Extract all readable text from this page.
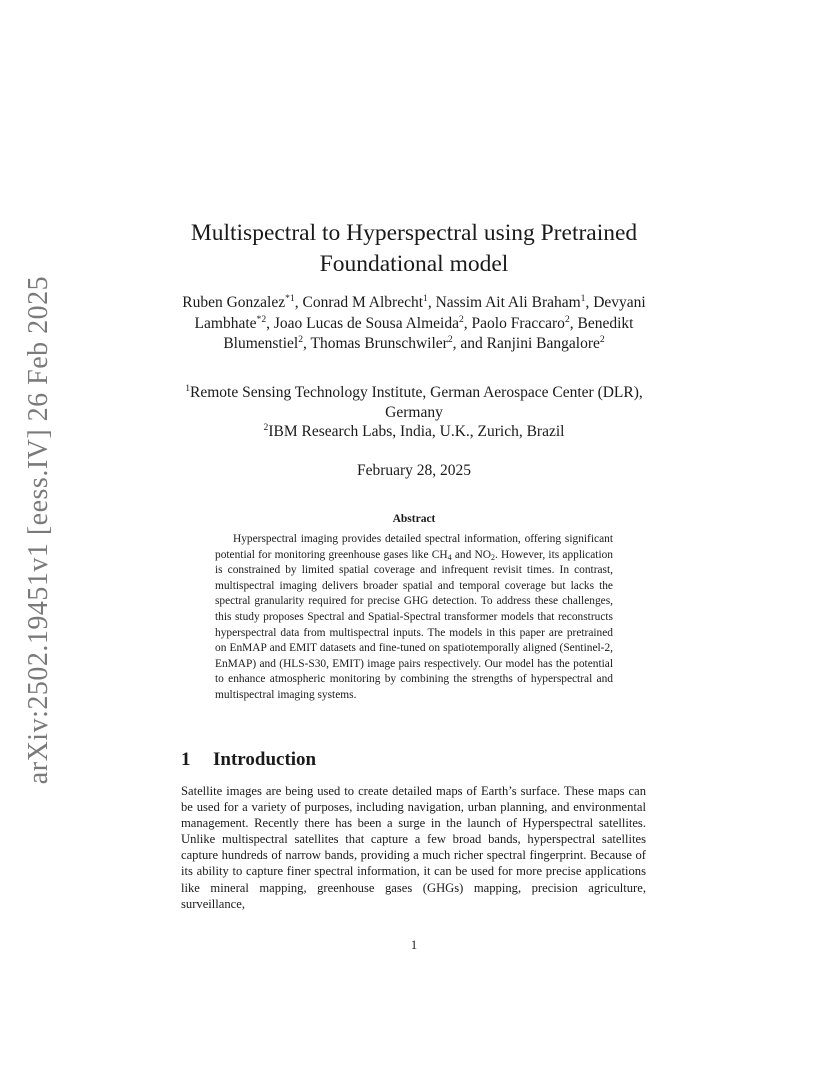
arXiv:2502.19451v1 [eess.IV] 26 Feb 2025
Multispectral to Hyperspectral using Pretrained Foundational model
Ruben Gonzalez$^{*1}$, Conrad M Albrecht$^1$, Nassim Ait Ali Braham$^1$, Devyani Lambhate$^{*2}$, Joao Lucas de Sousa Almeida$^2$, Paolo Fraccaro$^2$, Benedikt Blumenstiel$^2$, Thomas Brunschwiler$^2$, and Ranjini Bangalore$^2$
$^1$Remote Sensing Technology Institute, German Aerospace Center (DLR), Germany
$^2$IBM Research Labs, India, U.K., Zurich, Brazil
February 28, 2025
Abstract

Hyperspectral imaging provides detailed spectral information, offering significant potential for monitoring greenhouse gases like $CH_4$ and $NO_2$. However, its application is constrained by limited spatial coverage and infrequent revisit times. In contrast, multispectral imaging delivers broader spatial and temporal coverage but lacks the spectral granularity required for precise GHG detection. To address these challenges, this study proposes Spectral and Spatial-Spectral transformer models that reconstructs hyperspectral data from multispectral inputs. The models in this paper are pretrained on EnMAP and EMIT datasets and fine-tuned on spatiotemporally aligned (Sentinel-2, EnMAP) and (HLS-S30, EMIT) image pairs respectively. Our model has the potential to enhance atmospheric monitoring by combining the strengths of hyperspectral and multispectral imaging systems.

1 Introduction

Satellite images are being used to create detailed maps of Earth’s surface. These maps can be used for a variety of purposes, including navigation, urban planning, and environmental management. Recently there has been a surge in the launch of Hyperspectral satellites. Unlike multispectral satellites that capture a few broad bands, hyperspectral satellites capture hundreds of narrow bands, providing a much richer spectral fingerprint. Because of its ability to capture finer spectral information, it can be used for more precise applications like mineral mapping, greenhouse gases (GHGs) mapping, precision agriculture, surveillance,

1
